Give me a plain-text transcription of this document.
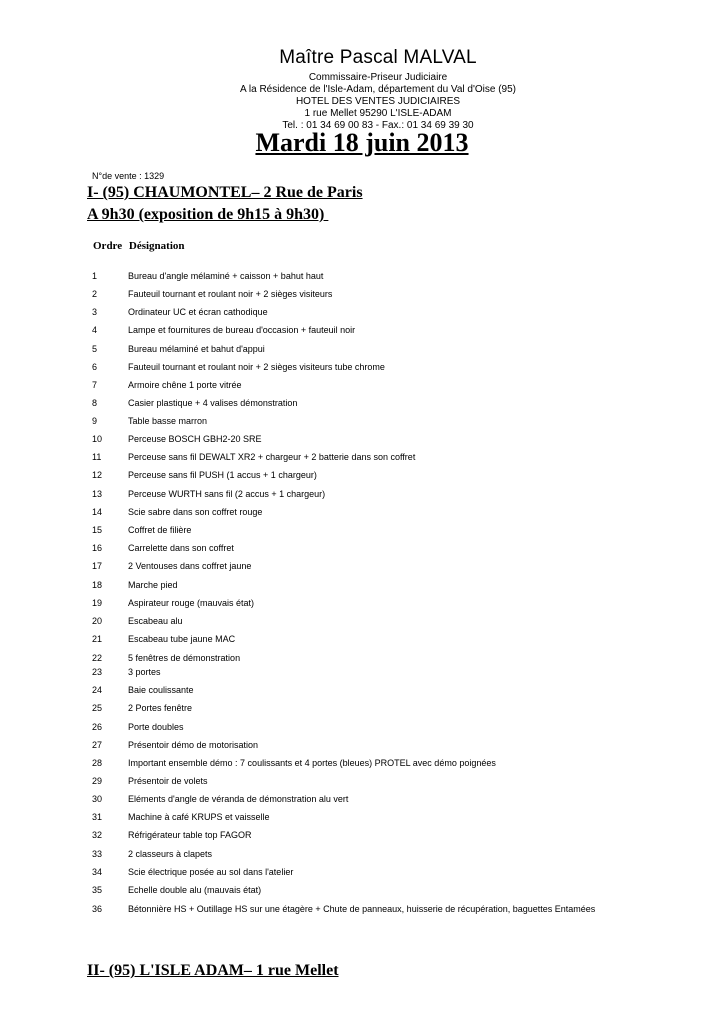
Maître Pascal MALVAL
Commissaire-Priseur Judiciaire
A la Résidence de l'Isle-Adam, département du Val d'Oise (95)
HOTEL DES VENTES JUDICIAIRES
1 rue Mellet 95290 L'ISLE-ADAM
Tel. : 01 34 69 00 83 - Fax.: 01 34 69 39 30
Mardi 18 juin 2013
N°de vente : 1329
I- (95) CHAUMONTEL– 2 Rue de Paris
A 9h30 (exposition de 9h15 à 9h30)
Ordre Désignation
1	Bureau d'angle mélaminé + caisson + bahut haut
2	Fauteuil tournant et roulant noir + 2 sièges visiteurs
3	Ordinateur UC et écran cathodique
4	Lampe et fournitures de bureau d'occasion + fauteuil noir
5	Bureau mélaminé et bahut d'appui
6	Fauteuil tournant et roulant noir + 2 sièges visiteurs tube chrome
7	Armoire chêne 1 porte vitrée
8	Casier plastique + 4 valises démonstration
9	Table basse marron
10	Perceuse BOSCH GBH2-20 SRE
11	Perceuse sans fil DEWALT XR2 + chargeur + 2 batterie dans son coffret
12	Perceuse sans fil PUSH (1 accus + 1 chargeur)
13	Perceuse WURTH sans fil (2 accus + 1 chargeur)
14	Scie sabre dans son coffret rouge
15	Coffret de filière
16	Carrelette dans son coffret
17	2 Ventouses dans coffret jaune
18	Marche pied
19	Aspirateur rouge (mauvais état)
20	Escabeau alu
21	Escabeau tube jaune MAC
22	5 fenêtres de démonstration
23	3 portes
24	Baie coulissante
25	2 Portes fenêtre
26	Porte doubles
27	Présentoir démo de motorisation
28	Important ensemble démo : 7 coulissants et 4 portes (bleues) PROTEL avec démo poignées
29	Présentoir de volets
30	Eléments d'angle de véranda de démonstration alu vert
31	Machine à café KRUPS et vaisselle
32	Réfrigérateur table top FAGOR
33	2 classeurs à clapets
34	Scie électrique posée au sol dans l'atelier
35	Echelle double alu (mauvais état)
36	Bétonnière HS + Outillage HS sur une étagère + Chute de panneaux, huisserie de récupération, baguettes Entamées
II- (95) L'ISLE ADAM– 1 rue Mellet
